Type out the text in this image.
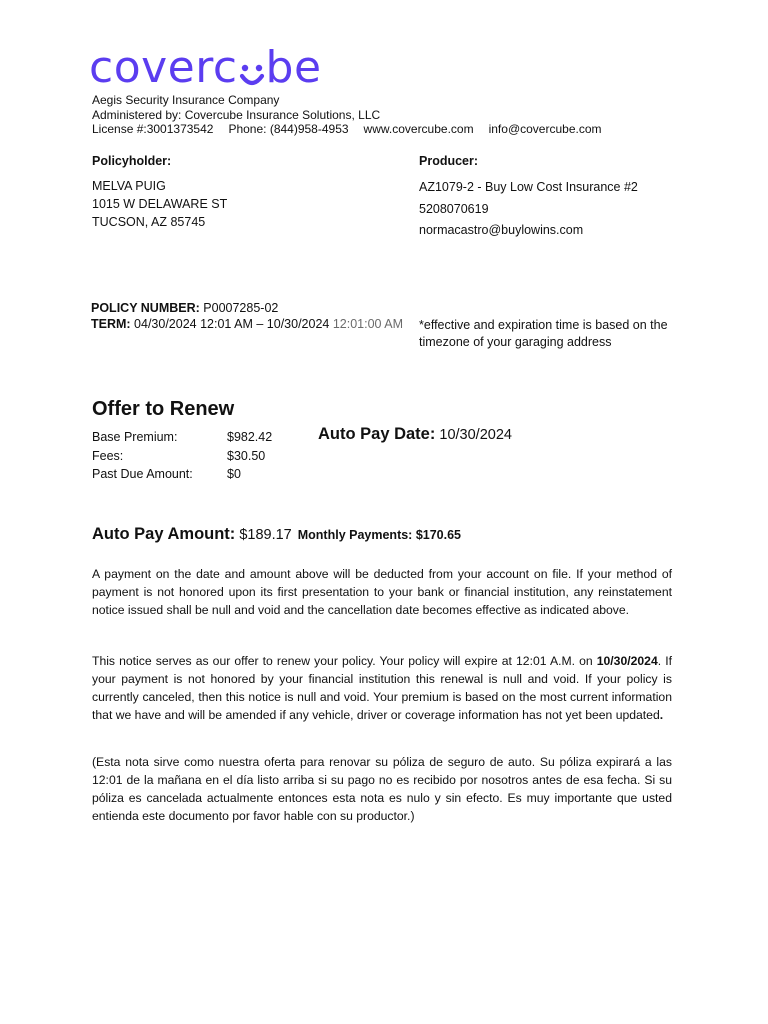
coverc be
Aegis Security Insurance Company
Administered by: Covercube Insurance Solutions, LLC
License #:3001373542 Phone: (844)958-4953 www.covercube.com info@covercube.com
Policyholder:
MELVA PUIG
1015 W DELAWARE ST
TUCSON, AZ 85745
Producer:
AZ1079-2 - Buy Low Cost Insurance #2
5208070619
normacastro@buylowins.com
POLICY NUMBER: P0007285-02
TERM: 04/30/2024 12:01 AM – 10/30/2024 12:01:00 AM *effective and expiration time is based on the
timezone of your garaging address
Offer to Renew
Base Premium:	$982.42
Fees:	$30.50
Past Due Amount:	$0
Auto Pay Date: 10/30/2024
Auto Pay Amount: $189.17 Monthly Payments: $170.65
A payment on the date and amount above will be deducted from your account on file. If your method of payment is not honored upon its first presentation to your bank or financial institution, any reinstatement notice issued shall be null and void and the cancellation date becomes effective as indicated above.
This notice serves as our offer to renew your policy. Your policy will expire at 12:01 A.M. on 10/30/2024. If your payment is not honored by your financial institution this renewal is null and void. If your policy is currently canceled, then this notice is null and void. Your premium is based on the most current information that we have and will be amended if any vehicle, driver or coverage information has not yet been updated.
(Esta nota sirve como nuestra oferta para renovar su póliza de seguro de auto. Su póliza expirará a las 12:01 de la mañana en el día listo arriba si su pago no es recibido por nosotros antes de esa fecha. Si su póliza es cancelada actualmente entonces esta nota es nulo y sin efecto. Es muy importante que usted entienda este documento por favor hable con su productor.)
